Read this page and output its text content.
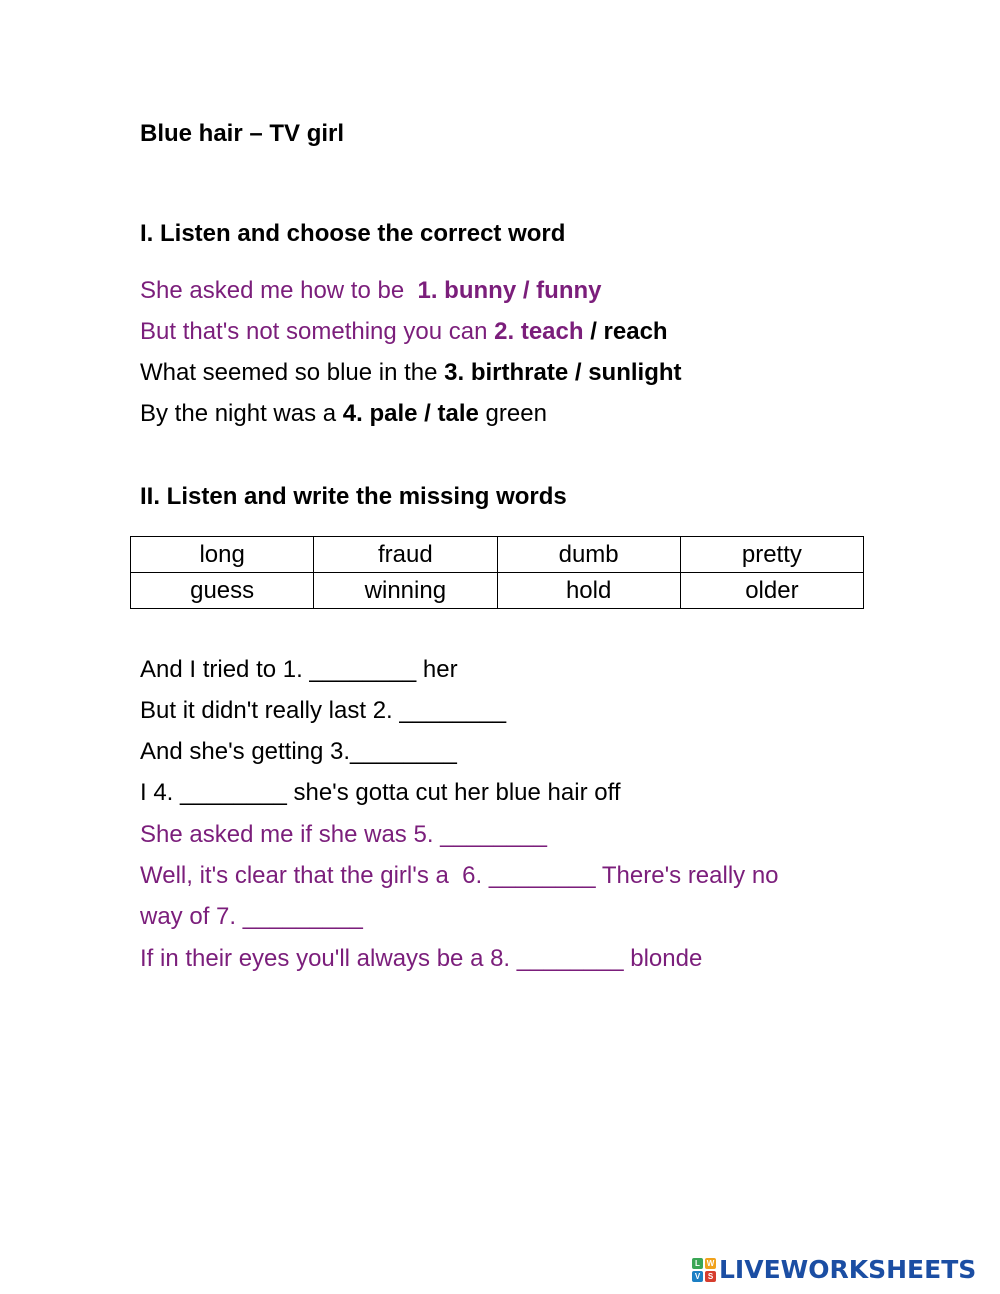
Blue hair – TV girl
I. Listen and choose the correct word
She asked me how to be  1. bunny / funny
But that's not something you can 2. teach / reach
What seemed so blue in the 3. birthrate / sunlight
By the night was a 4. pale / tale green
II. Listen and write the missing words
long	fraud	dumb	pretty
guess	winning	hold	older
And I tried to 1. ________ her
But it didn't really last 2. ________
And she's getting 3.________
I 4. ________ she's gotta cut her blue hair off
She asked me if she was 5. ________
Well, it's clear that the girl's a  6. ________ There's really no
way of 7. _________
If in their eyes you'll always be a 8. ________ blonde
L W
V S LIVEWORKSHEETS
